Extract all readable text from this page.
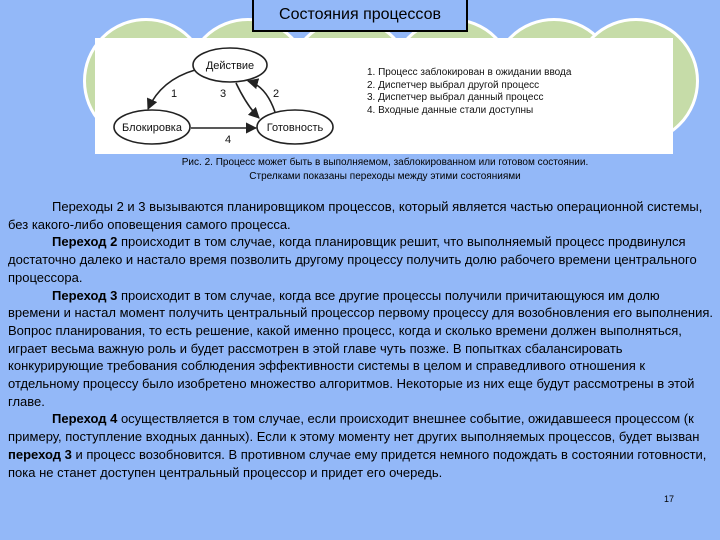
Состояния процессов
Действие
Блокировка	Готовность
1	3	2
4
1. Процесс заблокирован в ожидании ввода
2. Диспетчер выбрал другой процесс
3. Диспетчер выбрал данный процесс
4. Входные данные стали доступны
Рис. 2. Процесс может быть в выполняемом, заблокированном или готовом состоянии.
Стрелками показаны переходы между этими состояниями

Переходы 2 и 3 вызываются планировщиком процессов, который является частью операционной системы, без какого-либо оповещения самого процесса.

Переход 2 происходит в том случае, когда планировщик решит, что выполняемый процесс продвинулся достаточно далеко и настало время позволить другому процессу получить долю рабочего времени центрального процессора.

Переход 3 происходит в том случае, когда все другие процессы получили причитающуюся им долю времени и настал момент получить центральный процессор первому процессу для возобновления его выполнения. Вопрос планирования, то есть решение, какой именно процесс, когда и сколько времени должен выполняться, играет весьма важную роль и будет рассмотрен в этой главе чуть позже. В попытках сбалансировать конкурирующие требования соблюдения эффективности системы в целом и справедливого отношения к отдельному процессу было изобретено множество алгоритмов. Некоторые из них еще будут рассмотрены в этой главе.

Переход 4 осуществляется в том случае, если происходит внешнее событие, ожидавшееся процессом (к примеру, поступление входных данных). Если к этому моменту нет других выполняемых процессов, будет вызван переход 3 и процесс возобновится. В противном случае ему придется немного подождать в состоянии готовности, пока не станет доступен центральный процессор и придет его очередь.

17
